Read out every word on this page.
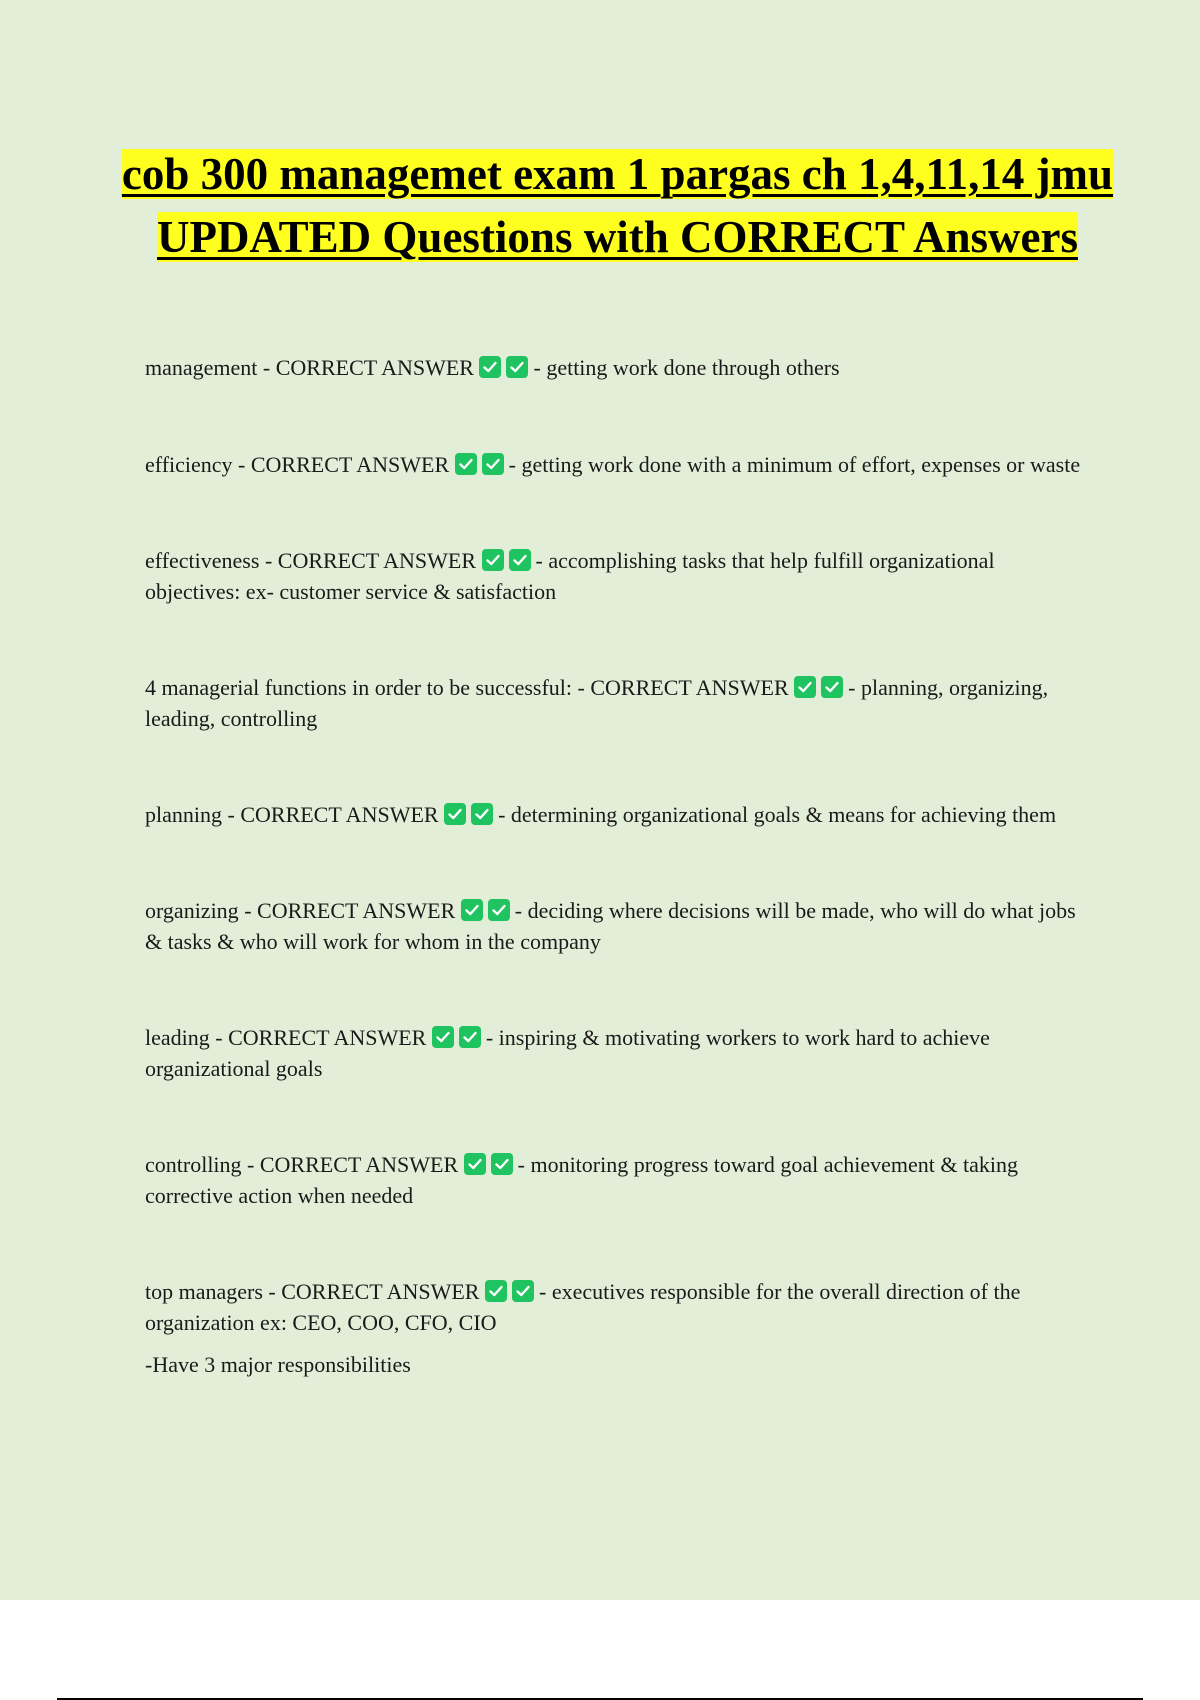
cob 300 managemet exam 1 pargas ch 1,4,11,14 jmu UPDATED Questions with CORRECT Answers
management - CORRECT ANSWER	- getting work done through others
efficiency - CORRECT ANSWER	- getting work done with a minimum of effort, expenses or waste
effectiveness - CORRECT ANSWER	- accomplishing tasks that help fulfill organizational objectives: ex- customer service & satisfaction
4 managerial functions in order to be successful: - CORRECT ANSWER	- planning, organizing, leading, controlling
planning - CORRECT ANSWER	- determining organizational goals & means for achieving them
organizing - CORRECT ANSWER	- deciding where decisions will be made, who will do what jobs & tasks & who will work for whom in the company
leading - CORRECT ANSWER	- inspiring & motivating workers to work hard to achieve organizational goals
controlling - CORRECT ANSWER	- monitoring progress toward goal achievement & taking corrective action when needed
top managers - CORRECT ANSWER	- executives responsible for the overall direction of the organization ex: CEO, COO, CFO, CIO
-Have 3 major responsibilities
